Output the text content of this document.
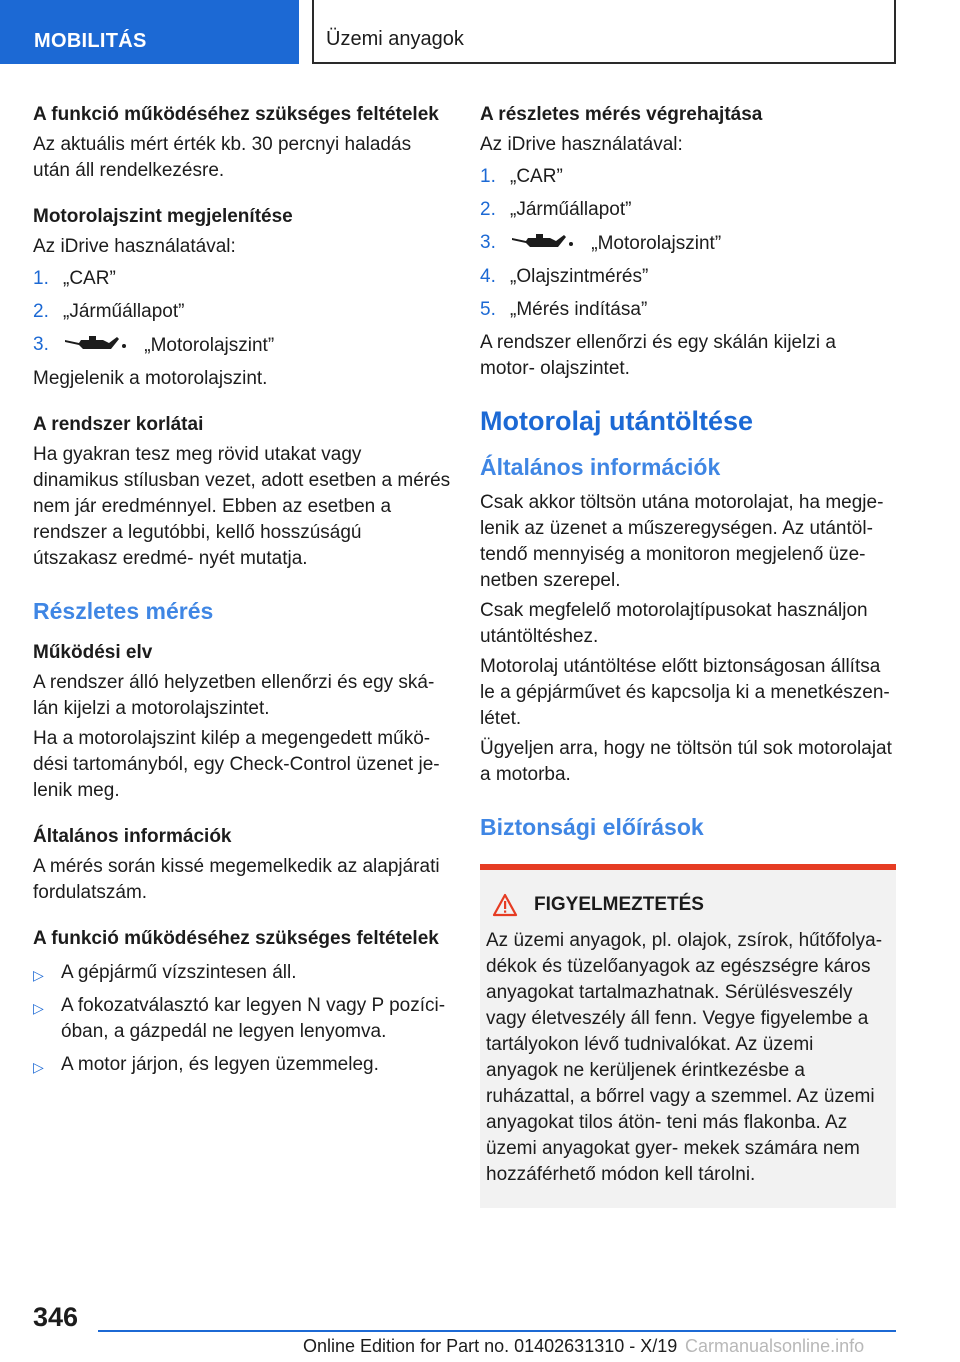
MOBILITÁS	Üzemi anyagok
A funkció működéséhez szükséges feltételek
Az aktuális mért érték kb. 30 percnyi haladás után áll rendelkezésre.
Motorolajszint megjelenítése
Az iDrive használatával:
1. „CAR”
2. „Járműállapot”
3.	„Motorolajszint”
Megjelenik a motorolajszint.
A rendszer korlátai
Ha gyakran tesz meg rövid utakat vagy dinamikus stílusban vezet, adott esetben a mérés nem jár eredménnyel. Ebben az esetben a rendszer a legutóbbi, kellő hosszúságú útszakasz eredmé- nyét mutatja.
Részletes mérés
Működési elv
A rendszer álló helyzetben ellenőrzi és egy ská- lán kijelzi a motorolajszintet.
Ha a motorolajszint kilép a megengedett műkö- dési tartományból, egy Check-Control üzenet je- lenik meg.
Általános információk
A mérés során kissé megemelkedik az alapjárati fordulatszám.
A funkció működéséhez szükséges feltételek
▷ A gépjármű vízszintesen áll.
▷ A fokozatválasztó kar legyen N vagy P pozíci- óban, a gázpedál ne legyen lenyomva.
▷ A motor járjon, és legyen üzemmeleg.
A részletes mérés végrehajtása
Az iDrive használatával:
1. „CAR”
2. „Járműállapot”
3.	„Motorolajszint”
4. „Olajszintmérés”
5. „Mérés indítása”
A rendszer ellenőrzi és egy skálán kijelzi a motor- olajszintet.
Motorolaj utántöltése
Általános információk
Csak akkor töltsön utána motorolajat, ha megje- lenik az üzenet a műszeregységen. Az utántöl- tendő mennyiség a monitoron megjelenő üze- netben szerepel.
Csak megfelelő motorolajtípusokat használjon utántöltéshez.
Motorolaj utántöltése előtt biztonságosan állítsa le a gépjárművet és kapcsolja ki a menetkészen- létet.
Ügyeljen arra, hogy ne töltsön túl sok motorolajat a motorba.
Biztonsági előírások
FIGYELMEZTETÉS
Az üzemi anyagok, pl. olajok, zsírok, hűtőfolya- dékok és tüzelőanyagok az egészségre káros anyagokat tartalmazhatnak. Sérülésveszély vagy életveszély áll fenn. Vegye figyelembe a tartályokon lévő tudnivalókat. Az üzemi anyagok ne kerüljenek érintkezésbe a ruházattal, a bőrrel vagy a szemmel. Az üzemi anyagokat tilos átön- teni más flakonba. Az üzemi anyagokat gyer- mekek számára nem hozzáférhető módon kell tárolni.
346
Online Edition for Part no. 01402631310 - X/19 Carmanualsonline.info
